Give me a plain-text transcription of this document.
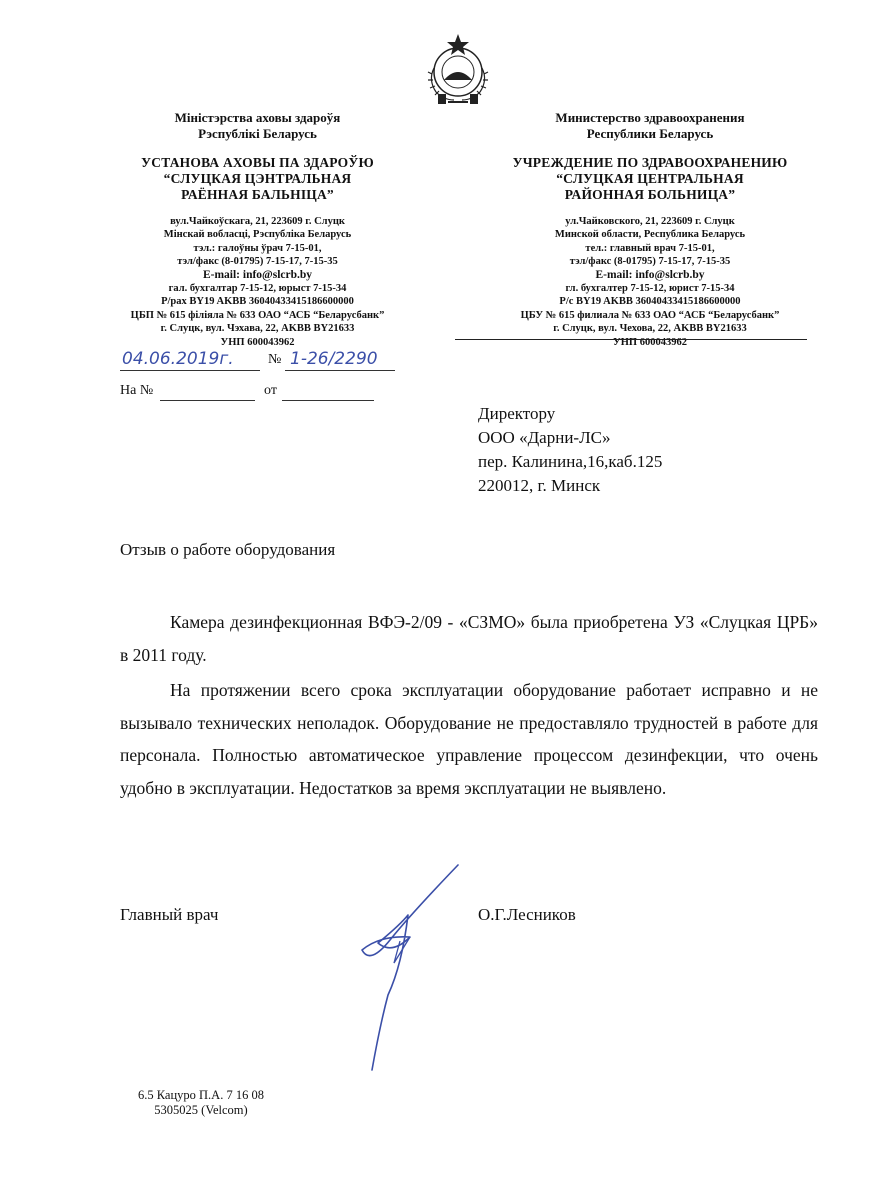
Міністэрства аховы здароўя
Рэспублікі Беларусь
УСТАНОВА АХОВЫ ПА ЗДАРОЎЮ
“СЛУЦКАЯ ЦЭНТРАЛЬНАЯ
РАЁННАЯ БАЛЬНІЦА”
вул.Чайкоўскага, 21, 223609 г. Слуцк
Мінскай вобласці, Рэспубліка Беларусь
тэл.: галоўны ўрач 7-15-01,
тэл/факс (8-01795) 7-15-17, 7-15-35
E-mail: info@slcrb.by
гал. бухгалтар 7-15-12, юрыст 7-15-34
Р/рах BY19 AKBB 36040433415186600000
ЦБП № 615 філіяла № 633 ОАО “АСБ “Беларусбанк”
г. Слуцк, вул. Чэхава, 22, AKBB BY21633
УНП 600043962
Министерство здравоохранения
Республики Беларусь
УЧРЕЖДЕНИЕ ПО ЗДРАВООХРАНЕНИЮ
“СЛУЦКАЯ ЦЕНТРАЛЬНАЯ
РАЙОННАЯ БОЛЬНИЦА”
ул.Чайковского, 21, 223609 г. Слуцк
Минской области, Республика Беларусь
тел.: главный врач 7-15-01,
тэл/факс (8-01795) 7-15-17, 7-15-35
E-mail: info@slcrb.by
гл. бухгалтер 7-15-12, юрист 7-15-34
Р/с BY19 AKBB 36040433415186600000
ЦБУ № 615 филиала № 633 ОАО “АСБ “Беларусбанк”
г. Слуцк, вул. Чехова, 22, AKBB BY21633
УНП 600043962
04.06.2019г. № 1-26/2290
На №	от
Директору
ООО «Дарни-ЛС»
пер. Калинина,16,каб.125
220012, г. Минск
Отзыв о работе оборудования
Камера дезинфекционная ВФЭ-2/09 - «СЗМО» была приобретена УЗ «Слуцкая ЦРБ» в 2011 году.
На протяжении всего срока эксплуатации оборудование работает исправно и не вызывало технических неполадок. Оборудование не предоставляло трудностей в работе для персонала. Полностью автоматическое управление процессом дезинфекции, что очень удобно в эксплуатации. Недостатков за время эксплуатации не выявлено.
Главный врач	О.Г.Лесников
6.5 Кацуро П.А. 7 16 08
5305025 (Velcom)
